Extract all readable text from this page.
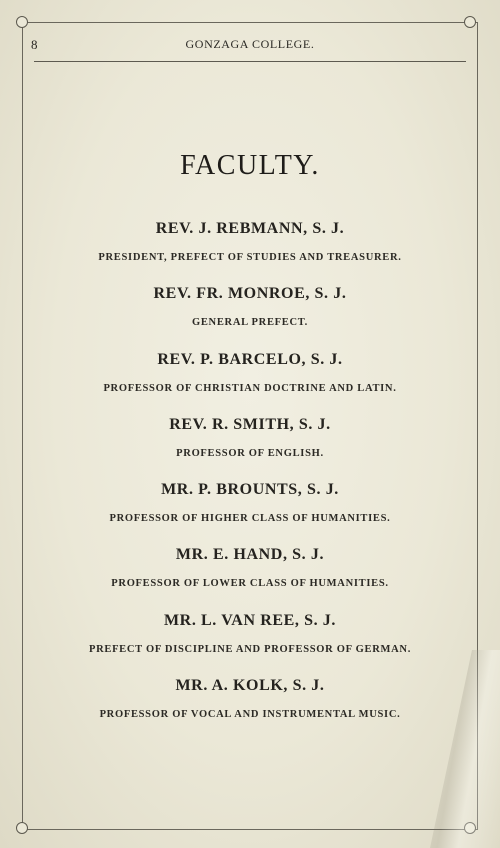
8	GONZAGA COLLEGE.
FACULTY.
REV. J. REBMANN, S. J.
PRESIDENT, PREFECT OF STUDIES AND TREASURER.
REV. FR. MONROE, S. J.
GENERAL PREFECT.
REV. P. BARCELO, S. J.
PROFESSOR OF CHRISTIAN DOCTRINE AND LATIN.
REV. R. SMITH, S. J.
PROFESSOR OF ENGLISH.
MR. P. BROUNTS, S. J.
PROFESSOR OF HIGHER CLASS OF HUMANITIES.
MR. E. HAND, S. J.
PROFESSOR OF LOWER CLASS OF HUMANITIES.
MR. L. VAN REE, S. J.
PREFECT OF DISCIPLINE AND PROFESSOR OF GERMAN.
MR. A. KOLK, S. J.
PROFESSOR OF VOCAL AND INSTRUMENTAL MUSIC.
